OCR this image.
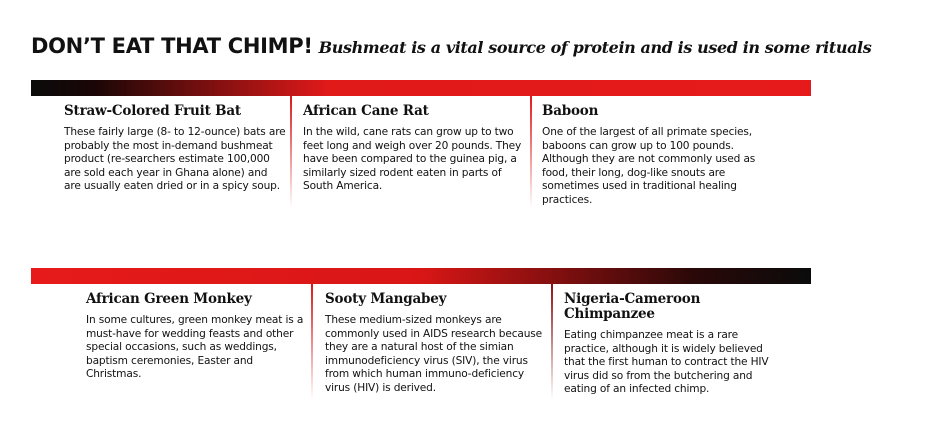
DON’T EAT THAT CHIMP! Bushmeat is a vital source of protein and is used in some rituals

Straw-Colored Fruit Bat

These fairly large (8- to 12-ounce) bats are probably the most in-demand bushmeat product (re-searchers estimate 100,000 are sold each year in Ghana alone) and are usually eaten dried or in a spicy soup.

African Cane Rat

In the wild, cane rats can grow up to two feet long and weigh over 20 pounds. They have been compared to the guinea pig, a similarly sized rodent eaten in parts of South America.

Baboon

One of the largest of all primate species, baboons can grow up to 100 pounds. Although they are not commonly used as food, their long, dog-like snouts are sometimes used in traditional healing practices.

African Green Monkey

In some cultures, green monkey meat is a must-have for wedding feasts and other special occasions, such as weddings, baptism ceremonies, Easter and Christmas.

Sooty Mangabey

These medium-sized monkeys are commonly used in AIDS research because they are a natural host of the simian immunodeficiency virus (SIV), the virus from which human immuno-deficiency virus (HIV) is derived.

Nigeria-Cameroon Chimpanzee

Eating chimpanzee meat is a rare practice, although it is widely believed that the first human to contract the HIV virus did so from the butchering and eating of an infected chimp.
